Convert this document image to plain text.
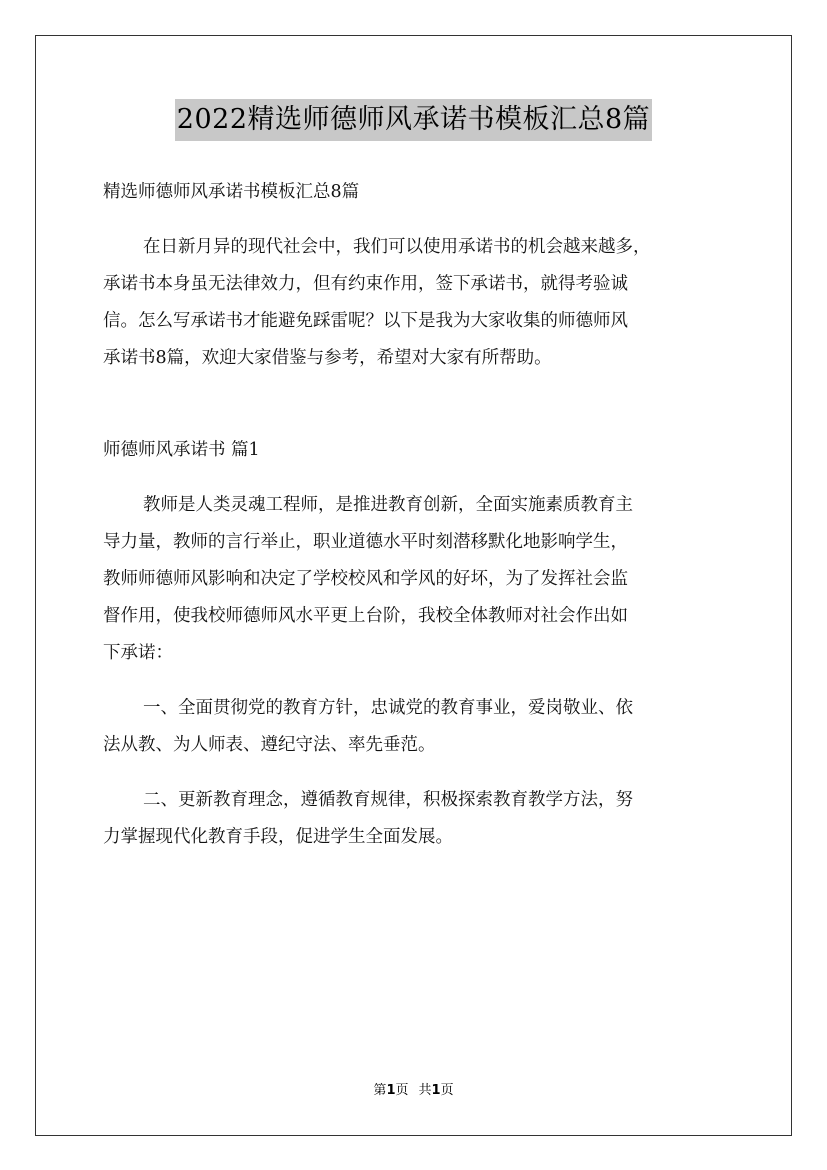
2022精选师德师风承诺书模板汇总8篇
精选师德师风承诺书模板汇总8篇
在日新月异的现代社会中，我们可以使用承诺书的机会越来越多，
承诺书本身虽无法律效力，但有约束作用，签下承诺书，就得考验诚
信。怎么写承诺书才能避免踩雷呢？以下是我为大家收集的师德师风
承诺书8篇，欢迎大家借鉴与参考，希望对大家有所帮助。
师德师风承诺书 篇1
教师是人类灵魂工程师，是推进教育创新，全面实施素质教育主
导力量，教师的言行举止，职业道德水平时刻潜移默化地影响学生，
教师师德师风影响和决定了学校校风和学风的好坏，为了发挥社会监
督作用，使我校师德师风水平更上台阶，我校全体教师对社会作出如
下承诺：
一、全面贯彻党的教育方针，忠诚党的教育事业，爱岗敬业、依
法从教、为人师表、遵纪守法、率先垂范。
二、更新教育理念，遵循教育规律，积极探索教育教学方法，努
力掌握现代化教育手段，促进学生全面发展。
第1页 共1页
